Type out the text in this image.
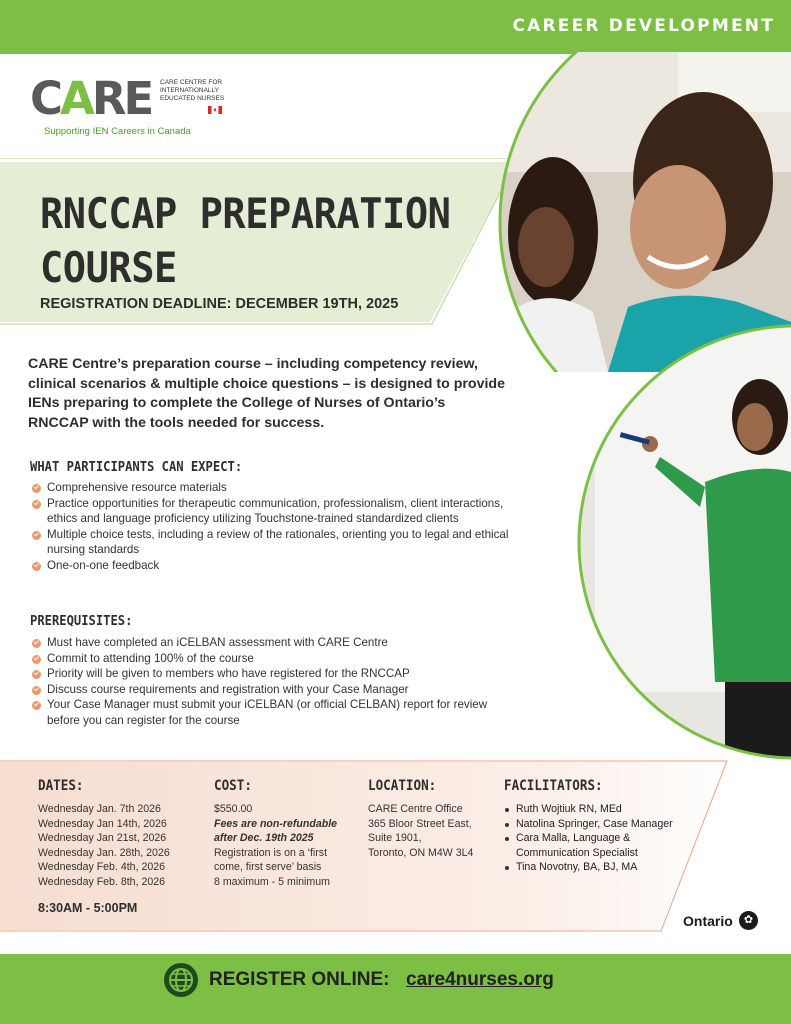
CAREER DEVELOPMENT
CARE CARE CENTRE FOR INTERNATIONALLY EDUCATED NURSES
Supporting IEN Careers in Canada
RNCCAP PREPARATION
COURSE
REGISTRATION DEADLINE: DECEMBER 19TH, 2025
CARE Centre’s preparation course – including competency review, clinical scenarios & multiple choice questions – is designed to provide IENs preparing to complete the College of Nurses of Ontario’s RNCCAP with the tools needed for success.
WHAT PARTICIPANTS CAN EXPECT:
Comprehensive resource materials
Practice opportunities for therapeutic communication, professionalism, client interactions, ethics and language proficiency utilizing Touchstone-trained standardized clients
Multiple choice tests, including a review of the rationales, orienting you to legal and ethical nursing standards
One-on-one feedback
PREREQUISITES:
Must have completed an iCELBAN assessment with CARE Centre
Commit to attending 100% of the course
Priority will be given to members who have registered for the RNCCAP
Discuss course requirements and registration with your Case Manager
Your Case Manager must submit your iCELBAN (or official CELBAN) report for review before you can register for the course
DATES:
Wednesday Jan. 7th 2026
Wednesday Jan 14th, 2026
Wednesday Jan 21st, 2026
Wednesday Jan. 28th, 2026
Wednesday Feb. 4th, 2026
Wednesday Feb. 8th, 2026
8:30AM - 5:00PM
COST:
$550.00
Fees are non-refundable
after Dec. 19th 2025
Registration is on a ‘first
come, first serve’ basis
8 maximum - 5 minimum
LOCATION:
CARE Centre Office
365 Bloor Street East,
Suite 1901,
Toronto, ON M4W 3L4
FACILITATORS:
Ruth Wojtiuk RN, MEd
Natolina Springer, Case Manager
Cara Malla, Language &
Communication Specialist
Tina Novotny, BA, BJ, MA
Ontario	✿
REGISTER ONLINE: care4nurses.org
